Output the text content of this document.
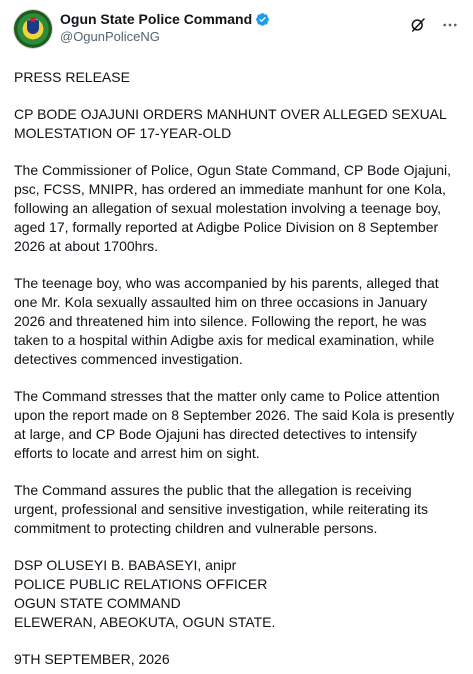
Ogun State Police Command
@OgunPoliceNG

PRESS RELEASE

CP BODE OJAJUNI ORDERS MANHUNT OVER ALLEGED SEXUAL MOLESTATION OF 17-YEAR-OLD

The Commissioner of Police, Ogun State Command, CP Bode Ojajuni, psc, FCSS, MNIPR, has ordered an immediate manhunt for one Kola, following an allegation of sexual molestation involving a teenage boy, aged 17, formally reported at Adigbe Police Division on 8 September 2026 at about 1700hrs.

The teenage boy, who was accompanied by his parents, alleged that one Mr. Kola sexually assaulted him on three occasions in January 2026 and threatened him into silence. Following the report, he was taken to a hospital within Adigbe axis for medical examination, while detectives commenced investigation.

The Command stresses that the matter only came to Police attention upon the report made on 8 September 2026. The said Kola is presently at large, and CP Bode Ojajuni has directed detectives to intensify efforts to locate and arrest him on sight.

The Command assures the public that the allegation is receiving urgent, professional and sensitive investigation, while reiterating its commitment to protecting children and vulnerable persons.

DSP OLUSEYI B. BABASEYI, anipr

POLICE PUBLIC RELATIONS OFFICER

OGUN STATE COMMAND

ELEWERAN, ABEOKUTA, OGUN STATE.

9TH SEPTEMBER, 2026
